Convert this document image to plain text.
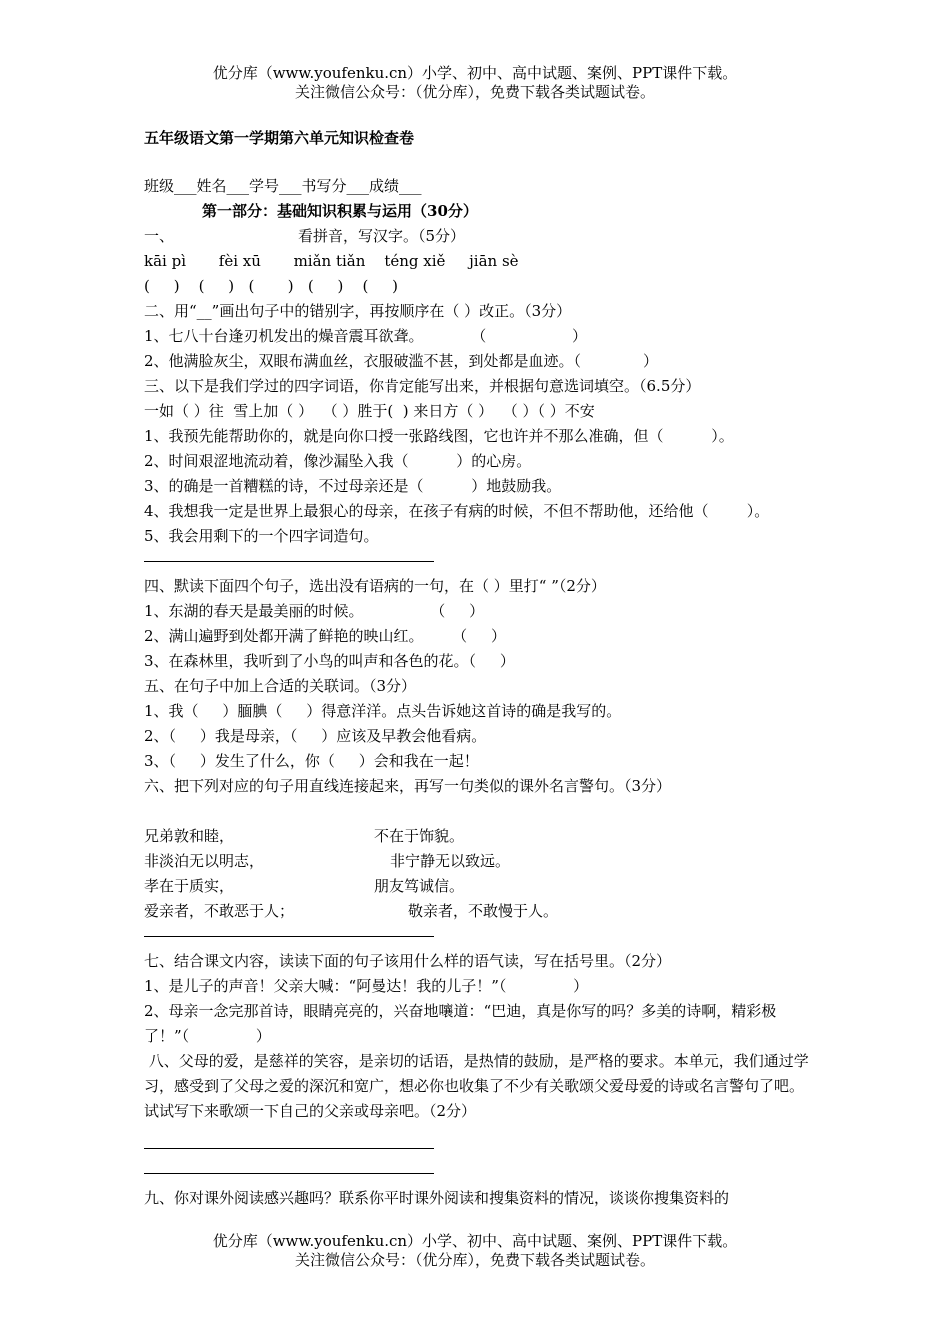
优分库（www.youfenku.cn）小学、初中、高中试题、案例、PPT课件下载。
关注微信公众号：（优分库），免费下载各类试题试卷。
五年级语文第一学期第六单元知识检查卷
班级___姓名___学号___书写分___成绩___
第一部分：基础知识积累与运用（30分）
一、	看拼音，写汉字。（5分）
kāi pì fèi xū miǎn tiǎn téng xiě jiān sè
(     )    (     )   (       )   (     )    (     )
二、用“__”画出句子中的错别字，再按顺序在（ ）改正。（3分）
1、七八十台逢刃机发出的燥音震耳欲聋。          （                  ）
2、他满脸灰尘，双眼布满血丝，衣服破滥不甚，到处都是血迹。（             ）
三、以下是我们学过的四字词语，你肯定能写出来，并根据句意选词填空。（6.5分）
一如（ ）往  雪上加（ ）  （ ）胜于(  ) 来日方（ ）  （ ）（ ）不安
1、我预先能帮助你的，就是向你口授一张路线图，它也许并不那么准确，但（          ）。
2、时间艰涩地流动着，像沙漏坠入我（          ）的心房。
3、的确是一首糟糕的诗，不过母亲还是（          ）地鼓励我。
4、我想我一定是世界上最狠心的母亲，在孩子有病的时候，不但不帮助他，还给他（        ）。
5、我会用剩下的一个四字词造句。
四、默读下面四个句子，选出没有语病的一句，在（ ）里打“ ”（2分）
1、东湖的春天是最美丽的时候。              （     ）
2、满山遍野到处都开满了鲜艳的映山红。      （     ）
3、在森林里，我听到了小鸟的叫声和各色的花。（     ）
五、在句子中加上合适的关联词。（3分）
1、我（     ）腼腆（     ）得意洋洋。点头告诉她这首诗的确是我写的。
2、（     ）我是母亲，（     ）应该及早教会他看病。
3、（     ）发生了什么，你（     ）会和我在一起！
六、把下列对应的句子用直线连接起来，再写一句类似的课外名言警句。（3分）
兄弟敦和睦，	不在于饰貌。
非淡泊无以明志，	非宁静无以致远。
孝在于质实，	朋友笃诚信。
爱亲者，不敢恶于人；	敬亲者，不敢慢于人。
七、结合课文内容，读读下面的句子该用什么样的语气读，写在括号里。（2分）
1、是儿子的声音！父亲大喊：“阿曼达！我的儿子！”（              ）
2、母亲一念完那首诗，眼睛亮亮的，兴奋地嚷道：“巴迪，真是你写的吗？多美的诗啊，精彩极了！”（              ）
八、父母的爱，是慈祥的笑容，是亲切的话语，是热情的鼓励，是严格的要求。本单元，我们通过学习，感受到了父母之爱的深沉和宽广，想必你也收集了不少有关歌颂父爱母爱的诗或名言警句了吧。试试写下来歌颂一下自己的父亲或母亲吧。（2分）
九、你对课外阅读感兴趣吗？联系你平时课外阅读和搜集资料的情况，谈谈你搜集资料的
优分库（www.youfenku.cn）小学、初中、高中试题、案例、PPT课件下载。
关注微信公众号：（优分库），免费下载各类试题试卷。
